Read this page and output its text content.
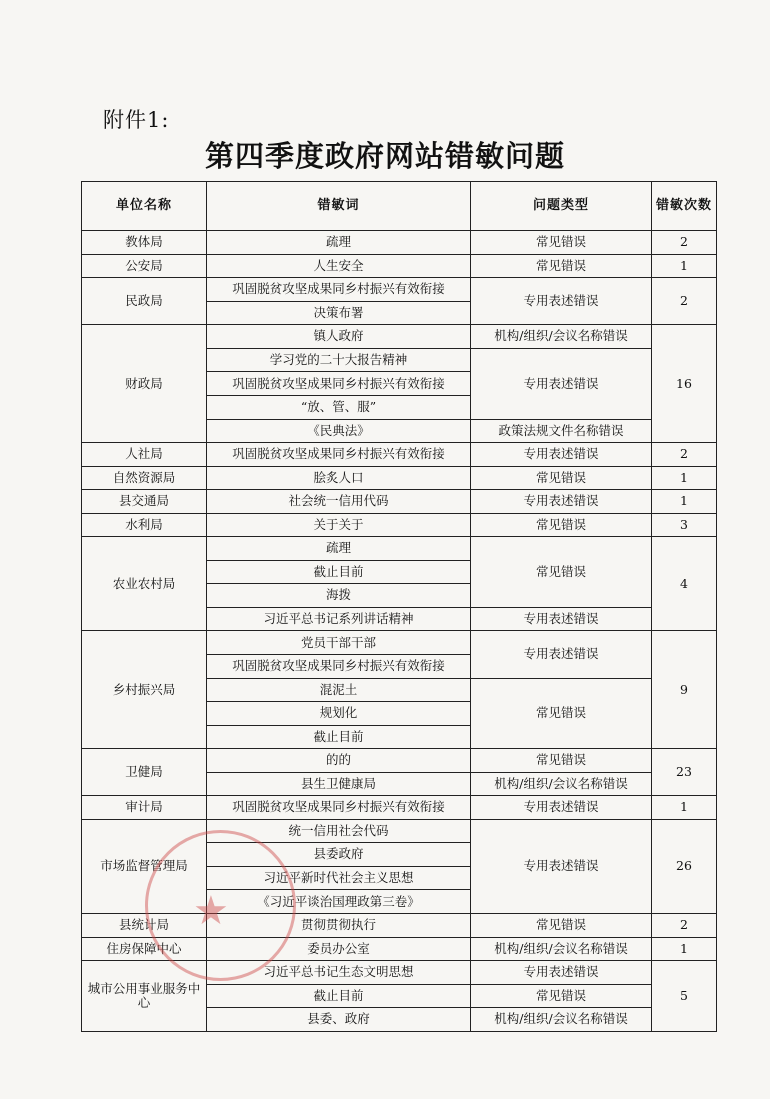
附件1:
第四季度政府网站错敏问题
单位名称	错敏词	问题类型	错敏次数
教体局	疏理	常见错误	2
公安局	人生安全	常见错误	1
民政局	巩固脱贫攻坚成果同乡村振兴有效衔接	专用表述错误	2
	决策布署		
财政局	镇人政府	机构/组织/会议名称错误	16
	学习党的二十大报告精神	专用表述错误	
	巩固脱贫攻坚成果同乡村振兴有效衔接		
	“放、管、服”		
	《民典法》	政策法规文件名称错误	
人社局	巩固脱贫攻坚成果同乡村振兴有效衔接	专用表述错误	2
自然资源局	脍炙人口	常见错误	1
县交通局	社会统一信用代码	专用表述错误	1
水利局	关于关于	常见错误	3
农业农村局	疏理	常见错误	4
	截止目前		
	海拨		
	习近平总书记系列讲话精神	专用表述错误	
乡村振兴局	党员干部干部	专用表述错误	9
	巩固脱贫攻坚成果同乡村振兴有效衔接		
	混泥土	常见错误	
	规划化		
	截止目前		
卫健局	的的	常见错误	23
	县生卫健康局	机构/组织/会议名称错误	
审计局	巩固脱贫攻坚成果同乡村振兴有效衔接	专用表述错误	1
市场监督管理局	统一信用社会代码	专用表述错误	26
	县委政府		
	习近平新时代社会主义思想		
	《习近平谈治国理政第三卷》		
县统计局	贯彻贯彻执行	常见错误	2
住房保障中心	委员办公室	机构/组织/会议名称错误	1
城市公用事业服务中心	习近平总书记生态文明思想	专用表述错误	5
	截止目前	常见错误	
	县委、政府	机构/组织/会议名称错误	
★
